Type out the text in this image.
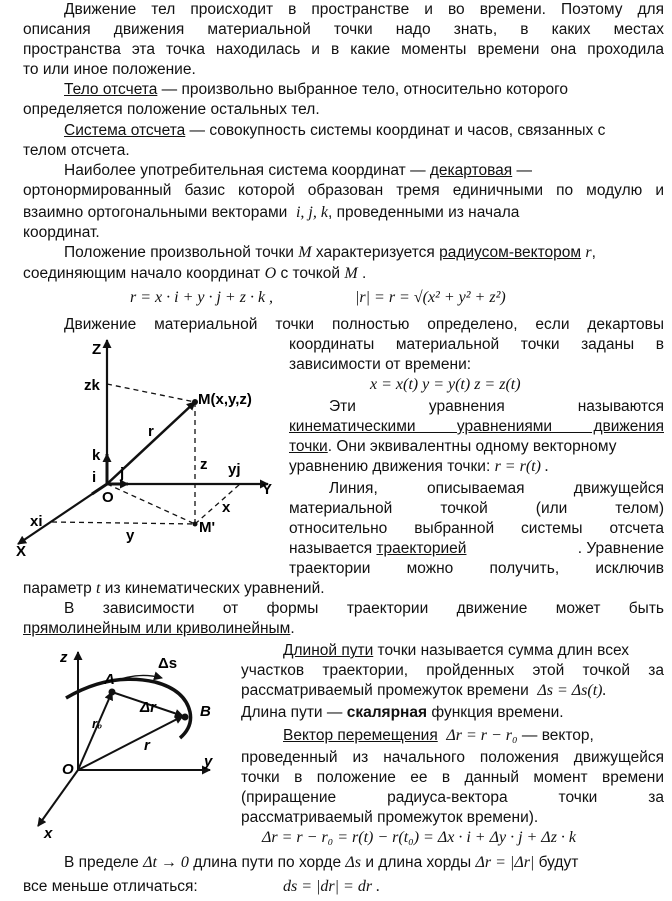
Движение тел происходит в пространстве и во времени. Поэтому для
описания движения материальной точки надо знать, в каких местах
пространства эта точка находилась и в какие моменты времени она проходила
то или иное положение.
Тело отсчета — произвольно выбранное тело, относительно которого
определяется положение остальных тел.
Система отсчета — совокупность системы координат и часов, связанных с
телом отсчета.
Наиболее употребительная система координат — декартовая —
ортонормированный базис которой образован тремя единичными по модулю и
взаимно ортогональными векторами i, j, k, проведенными из начала
координат.
Положение произвольной точки M характеризуется радиусом-вектором r,
соединяющим начало координат O с точкой M .
r = x · i + y · j + z · k ,	|r| = r = √(x² + y² + z²)
Движение материальной точки полностью определено, если декартовы
координаты материальной точки заданы в
зависимости от времени:
x = x(t) y = y(t) z = z(t)
Эти уравнения называются
кинематическими уравнениями движения
точки. Они эквивалентны одному векторному
уравнению движения точки: r = r(t) .
Линия, описываемая движущейся
материальной точкой (или телом)
относительно выбранной системы отсчета
называется траекторией	. Уравнение
траектории можно получить, исключив
параметр t из кинематических уравнений.
В зависимости от формы траектории движение может быть
прямолинейным или криволинейным.
Длиной пути точки называется сумма длин всех
участков траектории, пройденных этой точкой за
рассматриваемый промежуток времени Δs = Δs(t).
Длина пути — скалярная функция времени.
Вектор перемещения Δr = r − r₀ — вектор,
проведенный из начального положения движущейся
точки в положение ее в данный момент времени
(приращение радиуса-вектора точки за
рассматриваемый промежуток времени).
Δr = r − r₀ = r(t) − r(t₀) = Δx · i + Δy · j + Δz · k
В пределе Δt → 0 длина пути по хорде Δs и длина хорды Δr = |Δr| будут
все меньше отличаться:	ds = |dr| = dr .
Z
zk
k
i j
r
O
M(x,y,z)
M'
z yj
x
y
Y
xi
X
z
A
Δs
Δr
r₀
r
B
O	y
x
